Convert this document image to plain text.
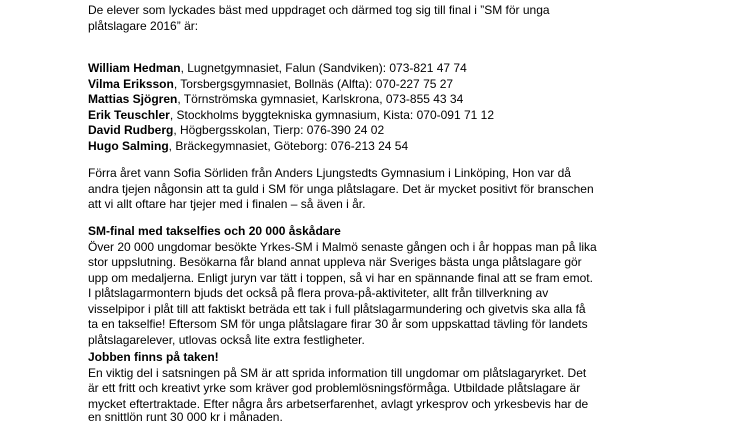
De elever som lyckades bäst med uppdraget och därmed tog sig till final i ”SM för unga
plåtslagare 2016” är:
William Hedman, Lugnetgymnasiet, Falun (Sandviken): 073-821 47 74
Vilma Eriksson, Torsbergsgymnasiet, Bollnäs (Alfta): 070-227 75 27
Mattias Sjögren, Törnströmska gymnasiet, Karlskrona, 073-855 43 34
Erik Teuschler, Stockholms byggtekniska gymnasium, Kista: 070-091 71 12
David Rudberg, Högbergsskolan, Tierp: 076-390 24 02
Hugo Salming, Bräckegymnasiet, Göteborg: 076-213 24 54
Förra året vann Sofia Sörliden från Anders Ljungstedts Gymnasium i Linköping, Hon var då
andra tjejen någonsin att ta guld i SM för unga plåtslagare. Det är mycket positivt för branschen
att vi allt oftare har tjejer med i finalen – så även i år.
SM-final med takselfies och 20 000 åskådare
Över 20 000 ungdomar besökte Yrkes-SM i Malmö senaste gången och i år hoppas man på lika
stor uppslutning. Besökarna får bland annat uppleva när Sveriges bästa unga plåtslagare gör
upp om medaljerna. Enligt juryn var tätt i toppen, så vi har en spännande final att se fram emot.
I plåtslagarmontern bjuds det också på flera prova-på-aktiviteter, allt från tillverkning av
visselpipor i plåt till att faktiskt beträda ett tak i full plåtslagarmundering och givetvis ska alla få
ta en takselfie! Eftersom SM för unga plåtslagare firar 30 år som uppskattad tävling för landets
plåtslagarelever, utlovas också lite extra festligheter.
Jobben finns på taken!
En viktig del i satsningen på SM är att sprida information till ungdomar om plåtslagaryrket. Det
är ett fritt och kreativt yrke som kräver god problemlösningsförmåga. Utbildade plåtslagare är
mycket eftertraktade. Efter några års arbetserfarenhet, avlagt yrkesprov och yrkesbevis har de
en snittlön runt 30 000 kr i månaden.
